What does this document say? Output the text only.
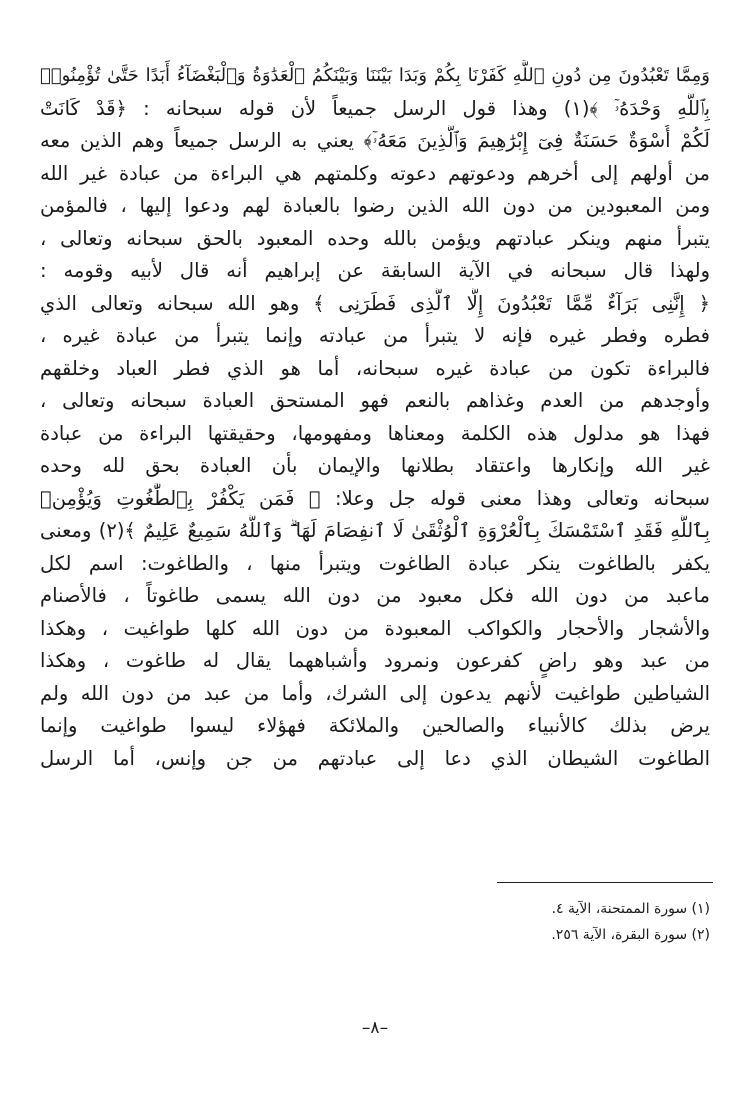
وَمِمَّا تَعْبُدُونَ مِن دُونِ ٱللَّهِ كَفَرْنَا بِكُمْ وَبَدَا بَيْنَنَا وَبَيْنَكُمُ ٱلْعَدَٰوَةُ وَٱلْبَغْضَآءُ أَبَدًا حَتَّىٰ تُؤْمِنُوا۟
بِٱللَّهِ وَحْدَهُۥٓ ﴾(١) وهذا قول الرسل جميعاً لأن قوله سبحانه : ﴿قَدْ كَانَتْ
لَكُمْ أُسْوَةٌ حَسَنَةٌ فِىٓ إِبْرَٰهِيمَ وَٱلَّذِينَ مَعَهُۥٓ﴾ يعني به الرسل جميعاً وهم الذين معه
من أولهم إلى أخرهم ودعوتهم دعوته وكلمتهم هي البراءة من عبادة غير الله
ومن المعبودين من دون الله الذين رضوا بالعبادة لهم ودعوا إليها ، فالمؤمن
يتبرأ منهم وينكر عبادتهم ويؤمن بالله وحده المعبود بالحق سبحانه وتعالى ،
ولهذا قال سبحانه في الآية السابقة عن إبراهيم أنه قال لأبيه وقومه :
﴿ إِنَّنِى بَرَآءٌ مِّمَّا تَعْبُدُونَ إِلَّا ٱلَّذِى فَطَرَنِى ﴾ وهو الله سبحانه وتعالى الذي
فطره وفطر غيره فإنه لا يتبرأ من عبادته وإنما يتبرأ من عبادة غيره ،
فالبراءة تكون من عبادة غيره سبحانه، أما هو الذي فطر العباد وخلقهم
وأوجدهم من العدم وغذاهم بالنعم فهو المستحق العبادة سبحانه وتعالى ،
فهذا هو مدلول هذه الكلمة ومعناها ومفهومها، وحقيقتها البراءة من عبادة
غير الله وإنكارها واعتقاد بطلانها والإيمان بأن العبادة بحق لله وحده
سبحانه وتعالى وهذا معنى قوله جل وعلا: ﴿ فَمَن يَكْفُرْ بِٱلطَّٰغُوتِ وَيُؤْمِنۢ
بِٱللَّهِ فَقَدِ ٱسْتَمْسَكَ بِٱلْعُرْوَةِ ٱلْوُثْقَىٰ لَا ٱنفِصَامَ لَهَا ۗ وَٱللَّهُ سَمِيعٌ عَلِيمٌ ﴾(٢) ومعنى
يكفر بالطاغوت ينكر عبادة الطاغوت ويتبرأ منها ، والطاغوت: اسم لكل
ماعبد من دون الله فكل معبود من دون الله يسمى طاغوتاً ، فالأصنام
والأشجار والأحجار والكواكب المعبودة من دون الله كلها طواغيت ، وهكذا
من عبد وهو راضٍ كفرعون ونمرود وأشباههما يقال له طاغوت ، وهكذا
الشياطين طواغيت لأنهم يدعون إلى الشرك، وأما من عبد من دون الله ولم
يرض بذلك كالأنبياء والصالحين والملائكة فهؤلاء ليسوا طواغيت وإنما
الطاغوت الشيطان الذي دعا إلى عبادتهم من جن وإنس، أما الرسل
(١) سورة الممتحنة، الآية ٤.
(٢) سورة البقرة، الآية ٢٥٦.
–٨–
